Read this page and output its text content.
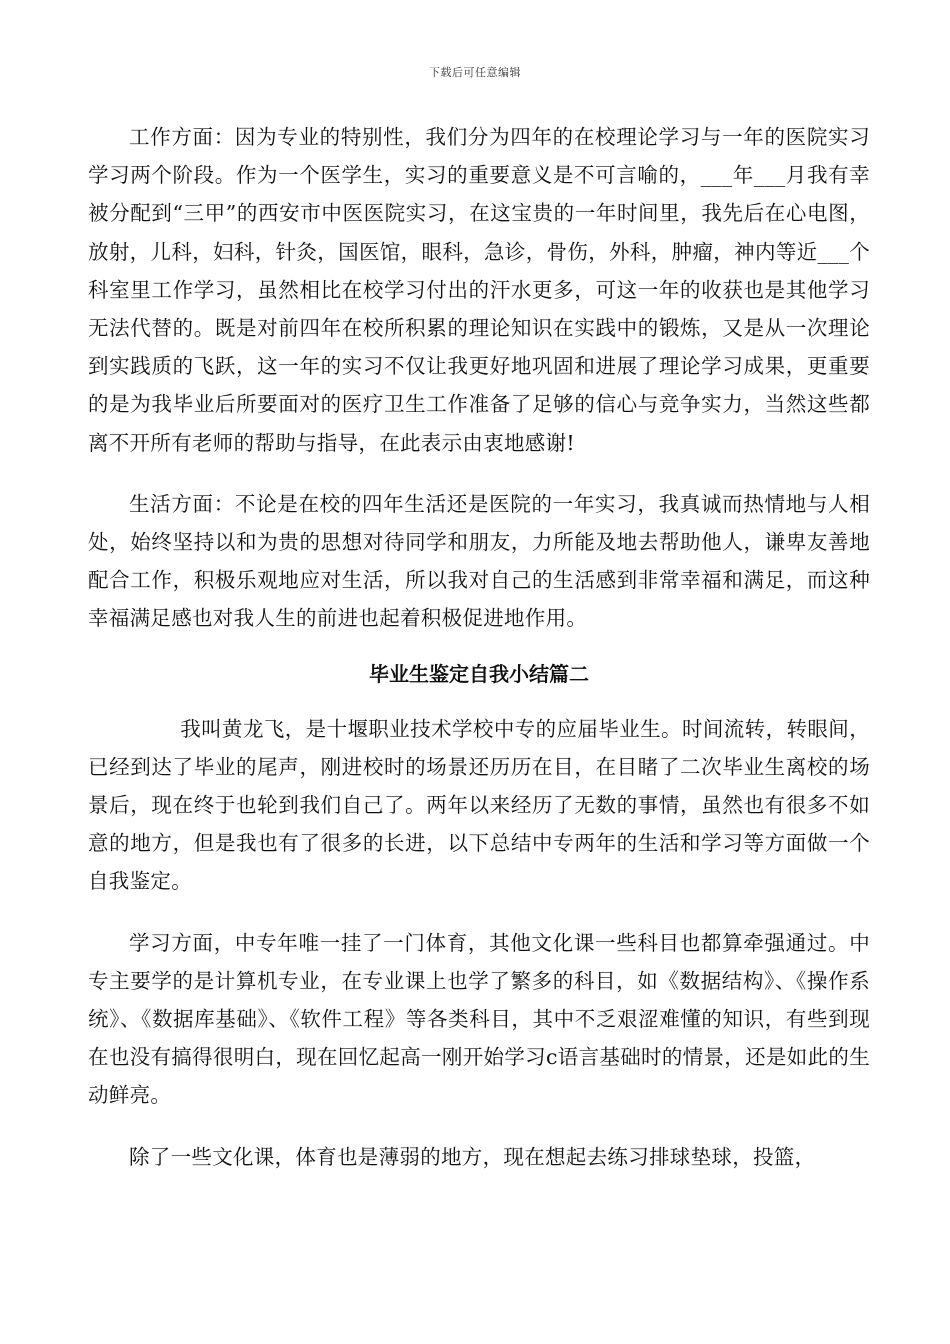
下载后可任意编辑

工作方面：因为专业的特别性，我们分为四年的在校理论学习与一年的医院实习学习两个阶段。作为一个医学生，实习的重要意义是不可言喻的，___年___月我有幸被分配到“三甲”的西安市中医医院实习，在这宝贵的一年时间里，我先后在心电图，放射，儿科，妇科，针灸，国医馆，眼科，急诊，骨伤，外科，肿瘤，神内等近___个科室里工作学习，虽然相比在校学习付出的汗水更多，可这一年的收获也是其他学习无法代替的。既是对前四年在校所积累的理论知识在实践中的锻炼，又是从一次理论到实践质的飞跃，这一年的实习不仅让我更好地巩固和进展了理论学习成果，更重要的是为我毕业后所要面对的医疗卫生工作准备了足够的信心与竞争实力，当然这些都离不开所有老师的帮助与指导，在此表示由衷地感谢!

生活方面：不论是在校的四年生活还是医院的一年实习，我真诚而热情地与人相处，始终坚持以和为贵的思想对待同学和朋友，力所能及地去帮助他人，谦卑友善地配合工作，积极乐观地应对生活，所以我对自己的生活感到非常幸福和满足，而这种幸福满足感也对我人生的前进也起着积极促进地作用。

毕业生鉴定自我小结篇二

我叫黄龙飞，是十堰职业技术学校中专的应届毕业生。时间流转，转眼间，已经到达了毕业的尾声，刚进校时的场景还历历在目，在目睹了二次毕业生离校的场景后，现在终于也轮到我们自己了。两年以来经历了无数的事情，虽然也有很多不如意的地方，但是我也有了很多的长进，以下总结中专两年的生活和学习等方面做一个自我鉴定。

学习方面，中专年唯一挂了一门体育，其他文化课一些科目也都算牵强通过。中专主要学的是计算机专业，在专业课上也学了繁多的科目，如《数据结构》、《操作系统》、《数据库基础》、《软件工程》等各类科目，其中不乏艰涩难懂的知识，有些到现在也没有搞得很明白，现在回忆起高一刚开始学习c语言基础时的情景，还是如此的生动鲜亮。

除了一些文化课，体育也是薄弱的地方，现在想起去练习排球垫球，投篮，
